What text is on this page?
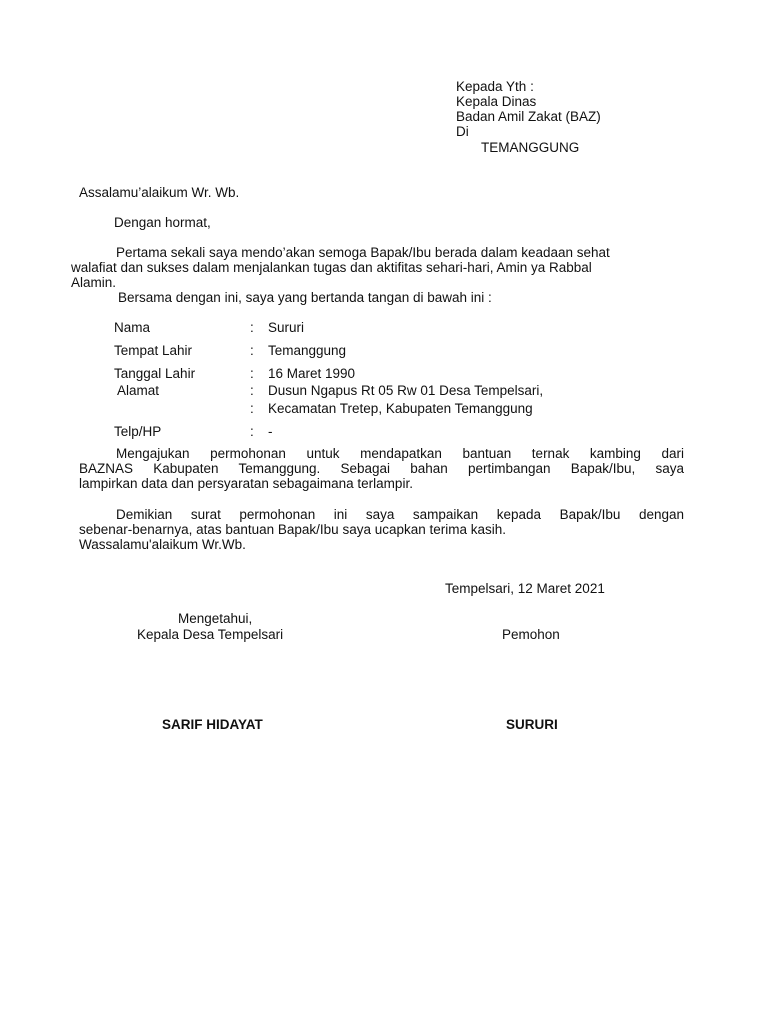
Kepada Yth :
Kepala Dinas
Badan Amil Zakat (BAZ)
Di
TEMANGGUNG
Assalamu’alaikum Wr. Wb.
Dengan hormat,
Pertama sekali saya mendo’akan semoga Bapak/Ibu berada dalam keadaan sehat
walafiat dan sukses dalam menjalankan tugas dan aktifitas sehari-hari, Amin ya Rabbal
Alamin.
Bersama dengan ini, saya yang bertanda tangan di bawah ini :
Nama	: Sururi
Tempat Lahir	: Temanggung
Tanggal Lahir	: 16 Maret 1990
Alamat	: Dusun Ngapus Rt 05 Rw 01 Desa Tempelsari,
: Kecamatan Tretep, Kabupaten Temanggung
Telp/HP	: -
Mengajukan permohonan untuk mendapatkan bantuan ternak kambing dari
BAZNAS Kabupaten Temanggung. Sebagai bahan pertimbangan Bapak/Ibu, saya
lampirkan data dan persyaratan sebagaimana terlampir.
Demikian surat permohonan ini saya sampaikan kepada Bapak/Ibu dengan
sebenar-benarnya, atas bantuan Bapak/Ibu saya ucapkan terima kasih.
Wassalamu'alaikum Wr.Wb.
Tempelsari, 12 Maret 2021
Mengetahui,
Kepala Desa Tempelsari	Pemohon
SARIF HIDAYAT	SURURI
